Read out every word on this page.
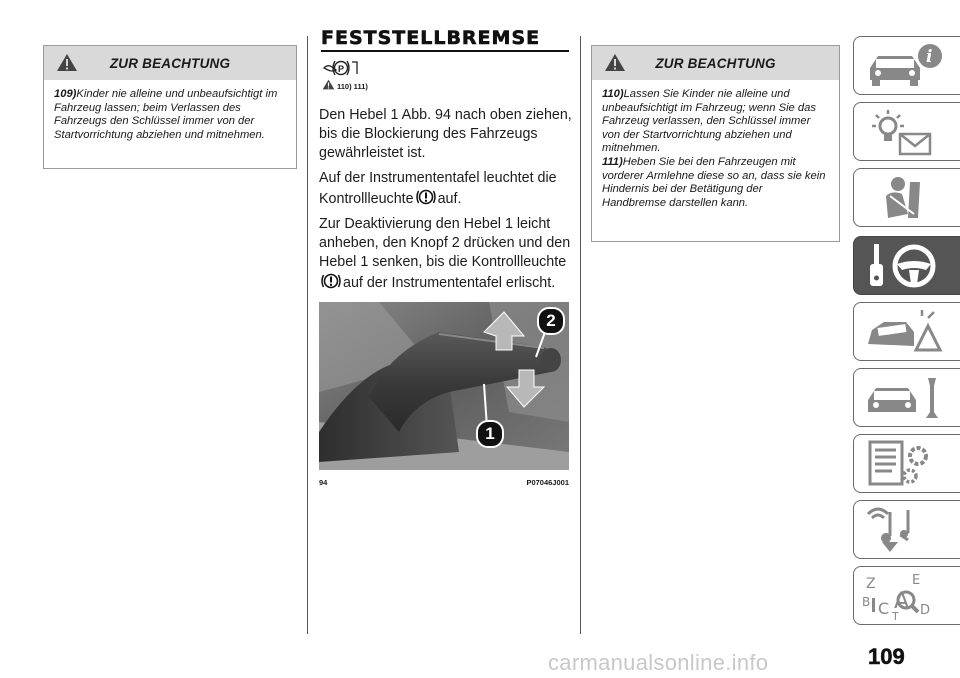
ZUR BEACHTUNG

109)Kinder nie alleine und unbeaufsichtigt im Fahrzeug lassen; beim Verlassen des Fahrzeugs den Schlüssel immer von der Startvorrichtung abziehen und mitnehmen.

FESTSTELLBREMSE
P
110) 111)

Den Hebel 1 Abb. 94 nach oben ziehen, bis die Blockierung des Fahrzeugs gewährleistet ist.

Auf der Instrumententafel leuchtet die Kontrollleuchte auf.

Zur Deaktivierung den Hebel 1 leicht anheben, den Knopf 2 drücken und den Hebel 1 senken, bis die Kontrollleuchteauf der Instrumententafel erlischt.

1
2
94	P07046J001
ZUR BEACHTUNG

110)Lassen Sie Kinder nie alleine und unbeaufsichtigt im Fahrzeug; wenn Sie das Fahrzeug verlassen, den Schlüssel immer von der Startvorrichtung abziehen und mitnehmen.

111)Heben Sie bei den Fahrzeugen mit vorderer Armlehne diese so an, dass sie kein Hindernis bei der Betätigung der Handbremse darstellen kann.

i
Z	E
B C A D
T
109
carmanualsonline.info
